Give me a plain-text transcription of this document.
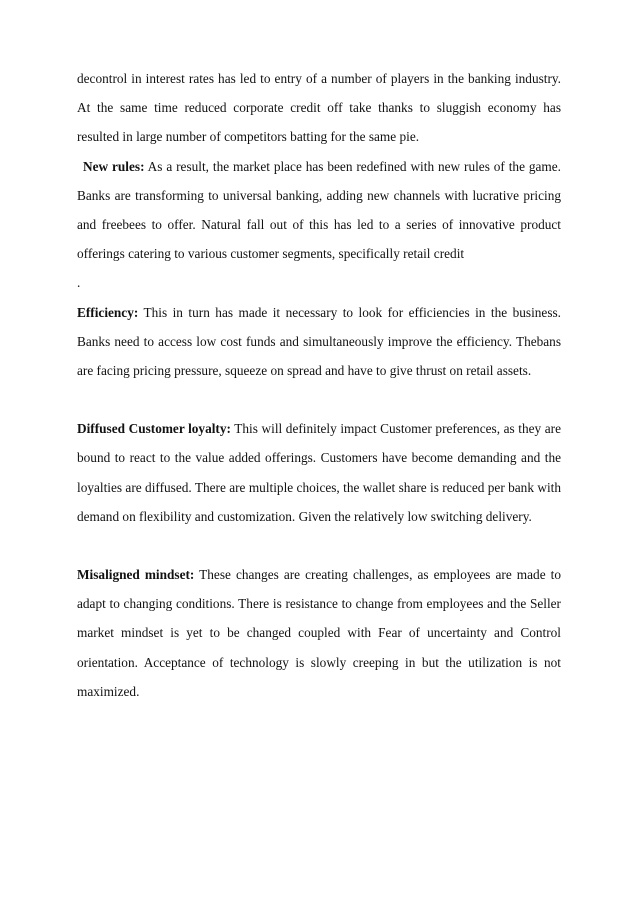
decontrol in interest rates has led to entry of a number of players in the banking industry. At the same time reduced corporate credit off take thanks to sluggish economy has resulted in large number of competitors batting for the same pie.

New rules: As a result, the market place has been redefined with new rules of the game. Banks are transforming to universal banking, adding new channels with lucrative pricing and freebees to offer. Natural fall out of this has led to a series of innovative product offerings catering to various customer segments, specifically retail credit

.

Efficiency: This in turn has made it necessary to look for efficiencies in the business. Banks need to access low cost funds and simultaneously improve the efficiency. Thebans are facing pricing pressure, squeeze on spread and have to give thrust on retail assets.

Diffused Customer loyalty: This will definitely impact Customer preferences, as they are bound to react to the value added offerings. Customers have become demanding and the loyalties are diffused. There are multiple choices, the wallet share is reduced per bank with demand on flexibility and customization. Given the relatively low switching delivery.

Misaligned mindset: These changes are creating challenges, as employees are made to adapt to changing conditions. There is resistance to change from employees and the Seller market mindset is yet to be changed coupled with Fear of uncertainty and Control orientation. Acceptance of technology is slowly creeping in but the utilization is not maximized.
